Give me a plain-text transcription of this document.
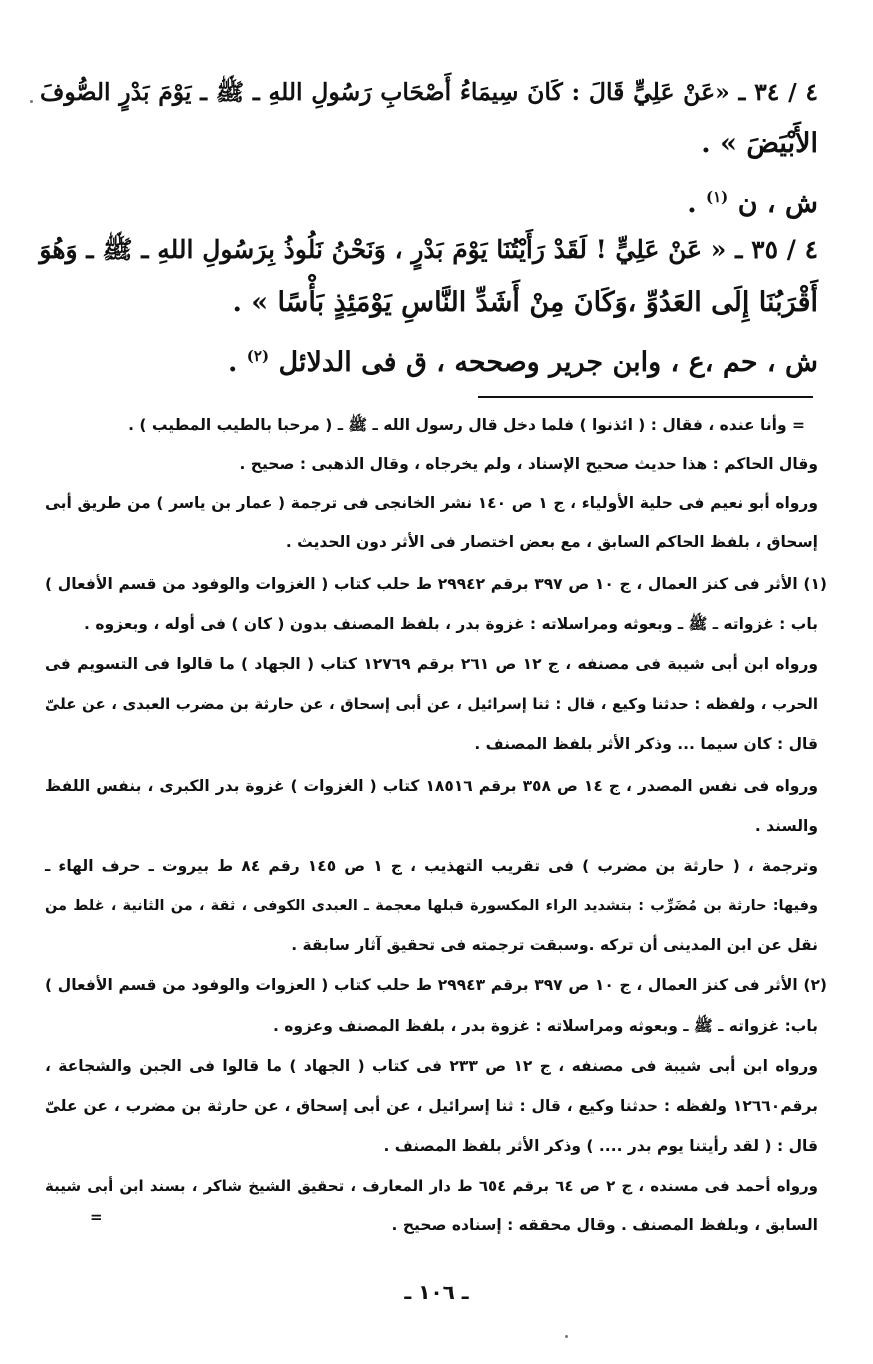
٤ / ٣٤ ـ «عَنْ عَلِيٍّ قَالَ : كَانَ سِيمَاءُ أَصْحَابِ رَسُولِ اللهِ ـ ﷺ ـ يَوْمَ بَدْرٍ الصُّوفَ
الأَبْيَضَ » .
ش ، ن $^{(١)}$ .
٤ / ٣٥ ـ « عَنْ عَلِيٍّ ! لَقَدْ رَأَيْتُنَا يَوْمَ بَدْرٍ ، وَنَحْنُ نَلُوذُ بِرَسُولِ اللهِ ـ ﷺ ـ وَهُوَ
أَقْرَبُنَا إِلَى العَدُوِّ ،وَكَانَ مِنْ أَشَدِّ النَّاسِ يَوْمَئِذٍ بَأْسًا » .
ش ، حم ،ع ، وابن جرير وصححه ، ق فى الدلائل $^{(٢)}$ .
= وأنا عنده ، فقال : ( ائذنوا ) فلما دخل قال رسول الله ـ ﷺ ـ ( مرحبا بالطيب المطيب ) .
وقال الحاكم : هذا حديث صحيح الإسناد ، ولم يخرجاه ، وقال الذهبى : صحيح .
ورواه أبو نعيم فى حلية الأولياء ، ج ١ ص ١٤٠ نشر الخانجى فى ترجمة ( عمار بن ياسر ) من طريق أبى
إسحاق ، بلفظ الحاكم السابق ، مع بعض اختصار فى الأثر دون الحديث .
(١) الأثر فى كنز العمال ، ج ١٠ ص ٣٩٧ برقم ٢٩٩٤٢ ط حلب كتاب ( الغزوات والوفود من قسم الأفعال )
باب : غزواته ـ ﷺ ـ وبعوثه ومراسلاته : غزوة بدر ، بلفظ المصنف بدون ( كان ) فى أوله ، وبعزوه .
ورواه ابن أبى شيبة فى مصنفه ، ج ١٢ ص ٢٦١ برقم ١٢٧٦٩ كتاب ( الجهاد ) ما قالوا فى التسويم فى
الحرب ، ولفظه : حدثنا وكيع ، قال : ثنا إسرائيل ، عن أبى إسحاق ، عن حارثة بن مضرب العبدى ، عن علىّ
قال : كان سيما ... وذكر الأثر بلفظ المصنف .
ورواه فى نفس المصدر ، ج ١٤ ص ٣٥٨ برقم ١٨٥١٦ كتاب ( الغزوات ) غزوة بدر الكبرى ، بنفس اللفظ
والسند .
وترجمة ، ( حارثة بن مضرب ) فى تقريب التهذيب ، ج ١ ص ١٤٥ رقم ٨٤ ط بيروت ـ حرف الهاء ـ
وفيها: حارثة بن مُضَرِّب : بتشديد الراء المكسورة قبلها معجمة ـ العبدى الكوفى ، ثقة ، من الثانية ، غلط من
نقل عن ابن المدينى أن تركه .وسبقت ترجمته فى تحقيق آثار سابقة .
(٢) الأثر فى كنز العمال ، ج ١٠ ص ٣٩٧ برقم ٢٩٩٤٣ ط حلب كتاب ( العزوات والوفود من قسم الأفعال )
باب: غزواته ـ ﷺ ـ وبعوثه ومراسلاته : غزوة بدر ، بلفظ المصنف وعزوه .
ورواه ابن أبى شيبة فى مصنفه ، ج ١٢ ص ٢٣٣ فى كتاب ( الجهاد ) ما قالوا فى الجبن والشجاعة ،
برقم١٢٦٦٠ ولفظه : حدثنا وكيع ، قال : ثنا إسرائيل ، عن أبى إسحاق ، عن حارثة بن مضرب ، عن علىّ
قال : ( لقد رأيتنا يوم بدر .... ) وذكر الأثر بلفظ المصنف .
ورواه أحمد فى مسنده ، ج ٢ ص ٦٤ برقم ٦٥٤ ط دار المعارف ، تحقيق الشيخ شاكر ، بسند ابن أبى شيبة
السابق ، وبلفظ المصنف . وقال محققه : إسناده صحيح .
=
ـ ١٠٦ ـ
